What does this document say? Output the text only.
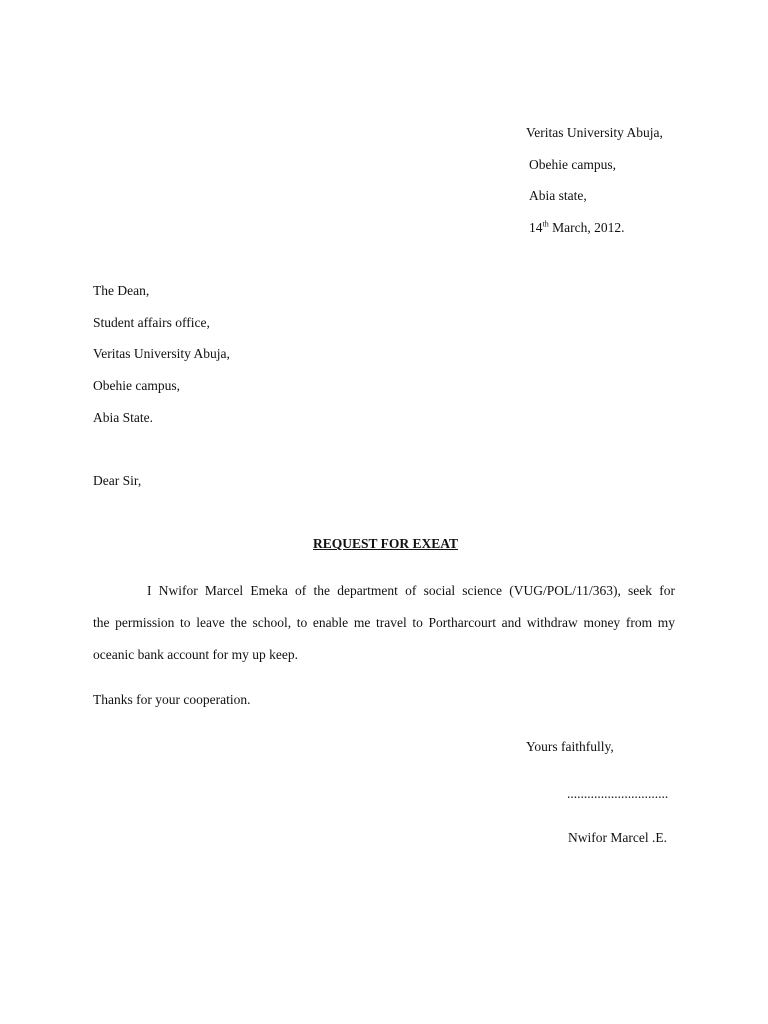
Veritas University Abuja,
Obehie campus,
Abia state,
14th March, 2012.
The Dean,
Student affairs office,
Veritas University Abuja,
Obehie campus,
Abia State.
Dear Sir,
REQUEST FOR EXEAT
I Nwifor Marcel Emeka of the department of social science (VUG/POL/11/363), seek for
the permission to leave the school, to enable me travel to Portharcourt and withdraw money from my
oceanic bank account for my up keep.
Thanks for your cooperation.
Yours faithfully,
..............................
Nwifor Marcel .E.
